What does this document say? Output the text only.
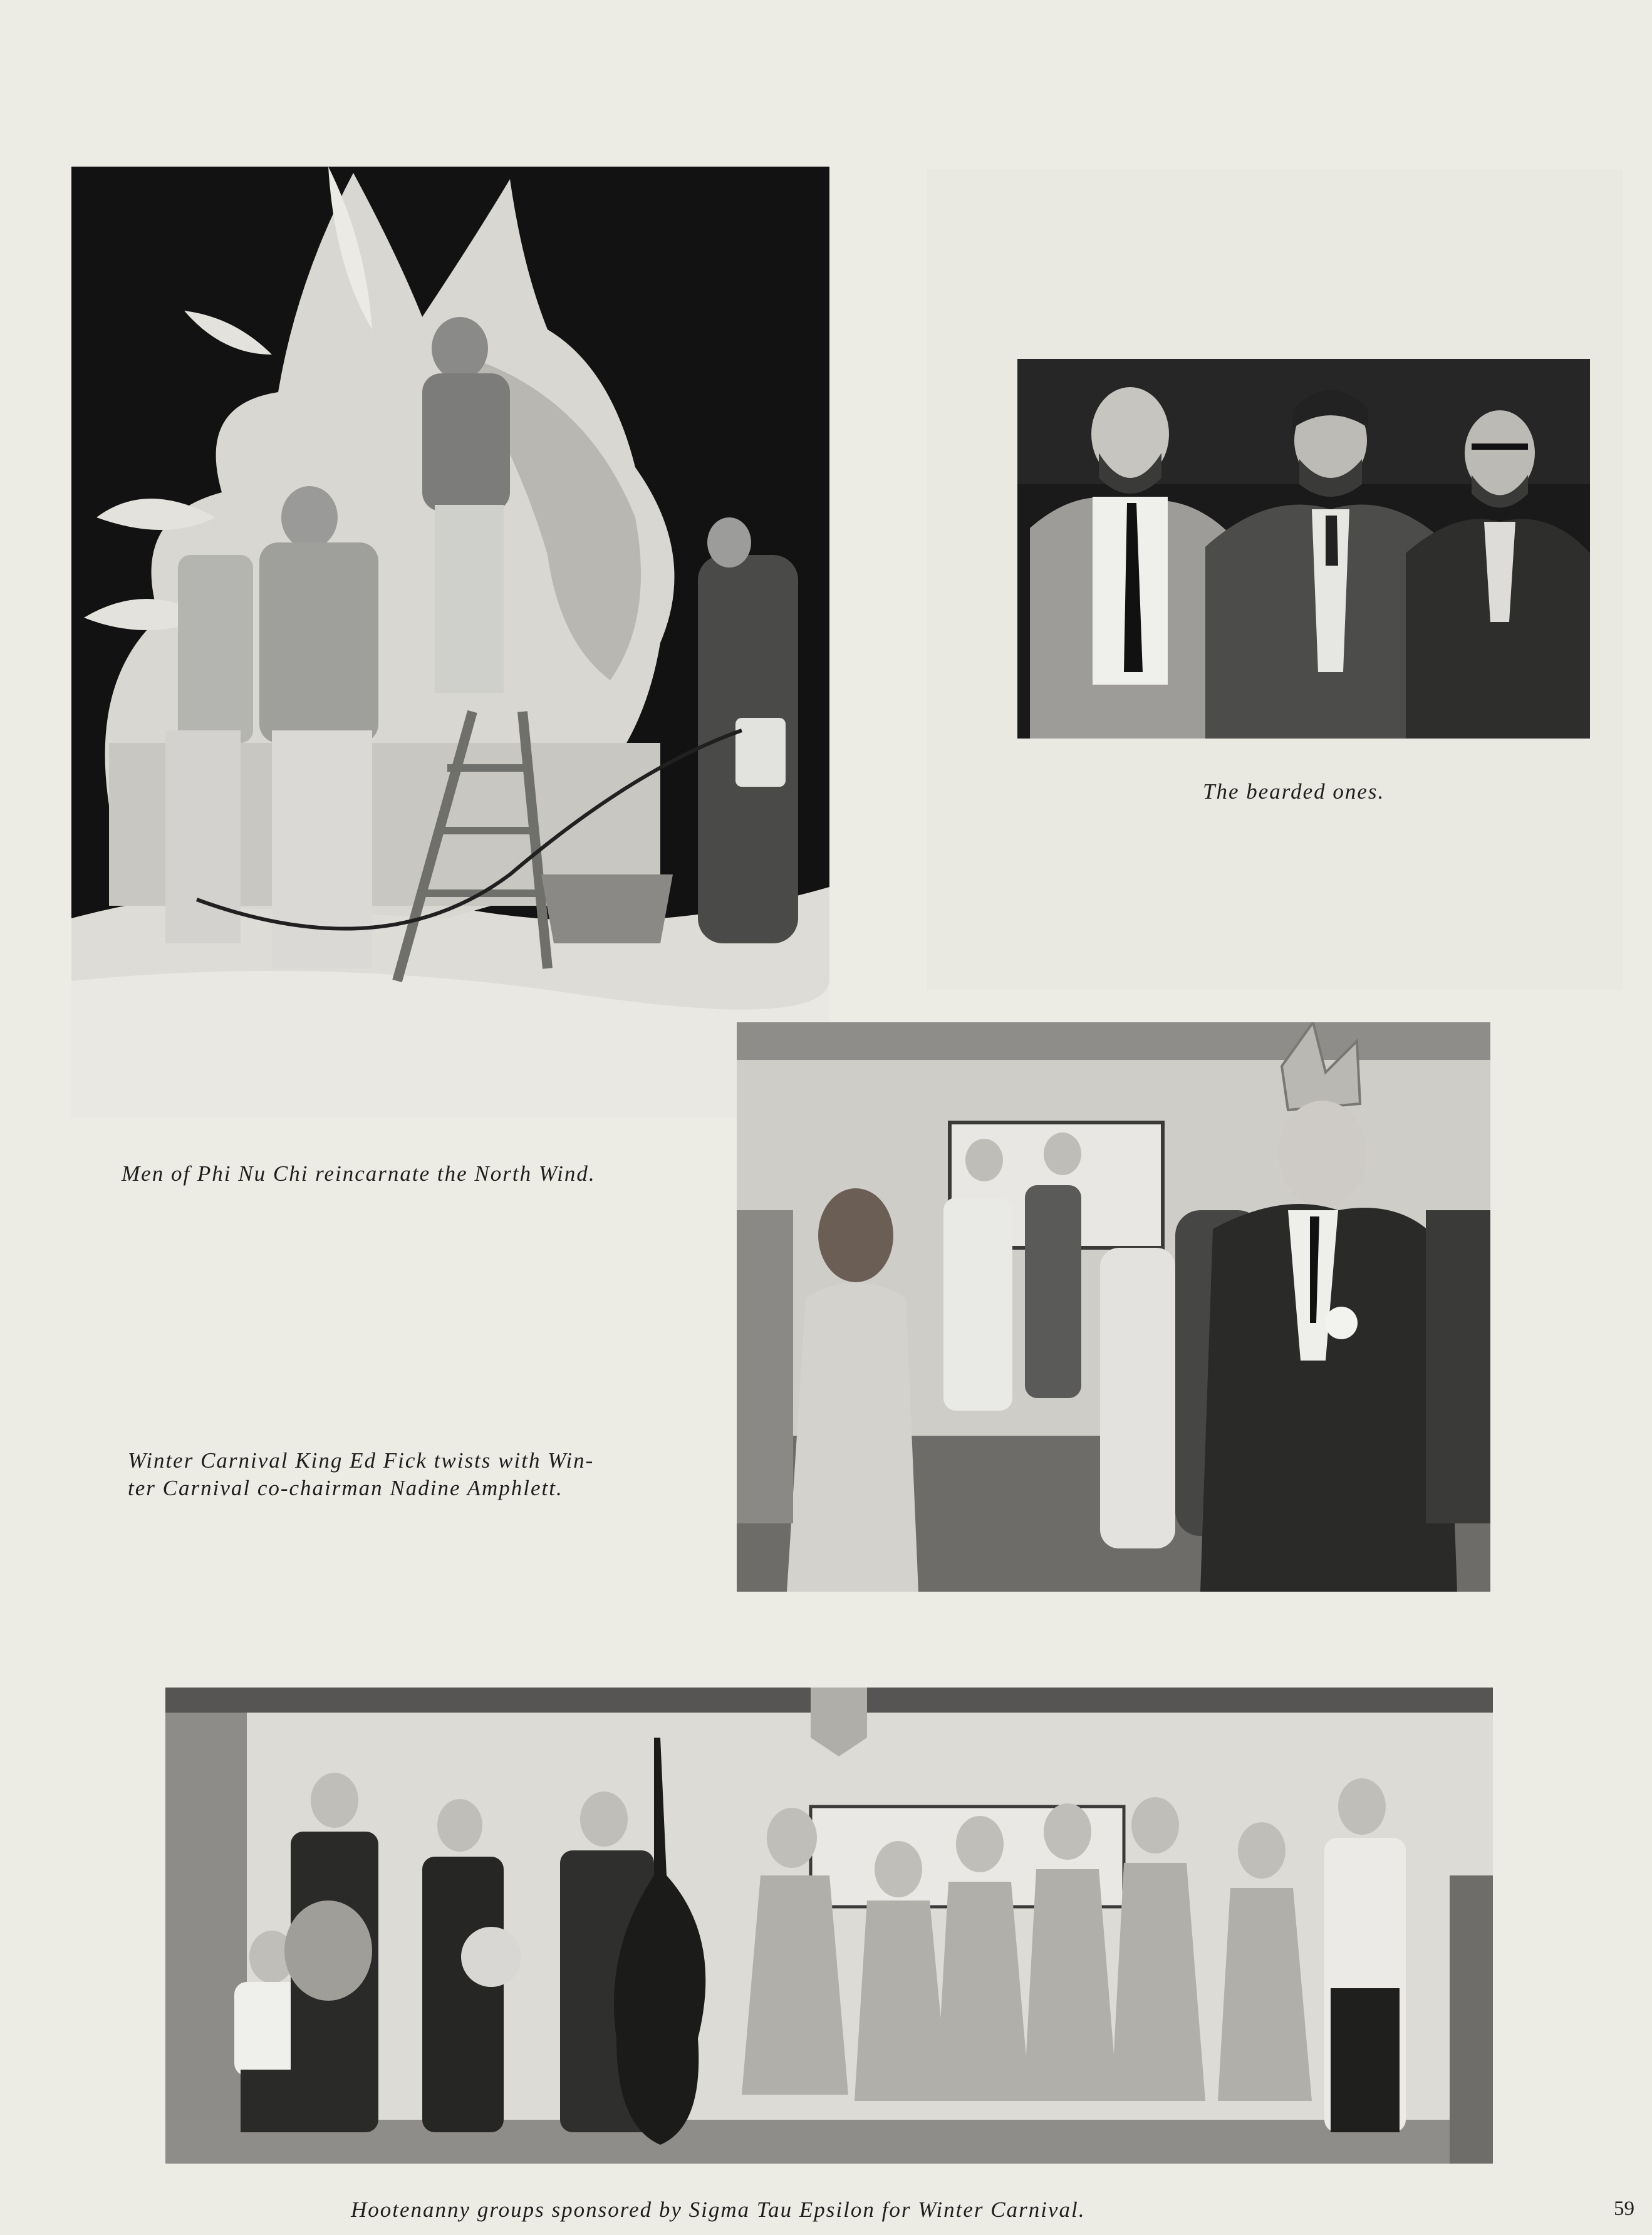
Men of Phi Nu Chi reincarnate the North Wind.
The bearded ones.
Winter Carnival King Ed Fick twists with Win-
ter Carnival co-chairman Nadine Amphlett.
Hootenanny groups sponsored by Sigma Tau Epsilon for Winter Carnival.	59
